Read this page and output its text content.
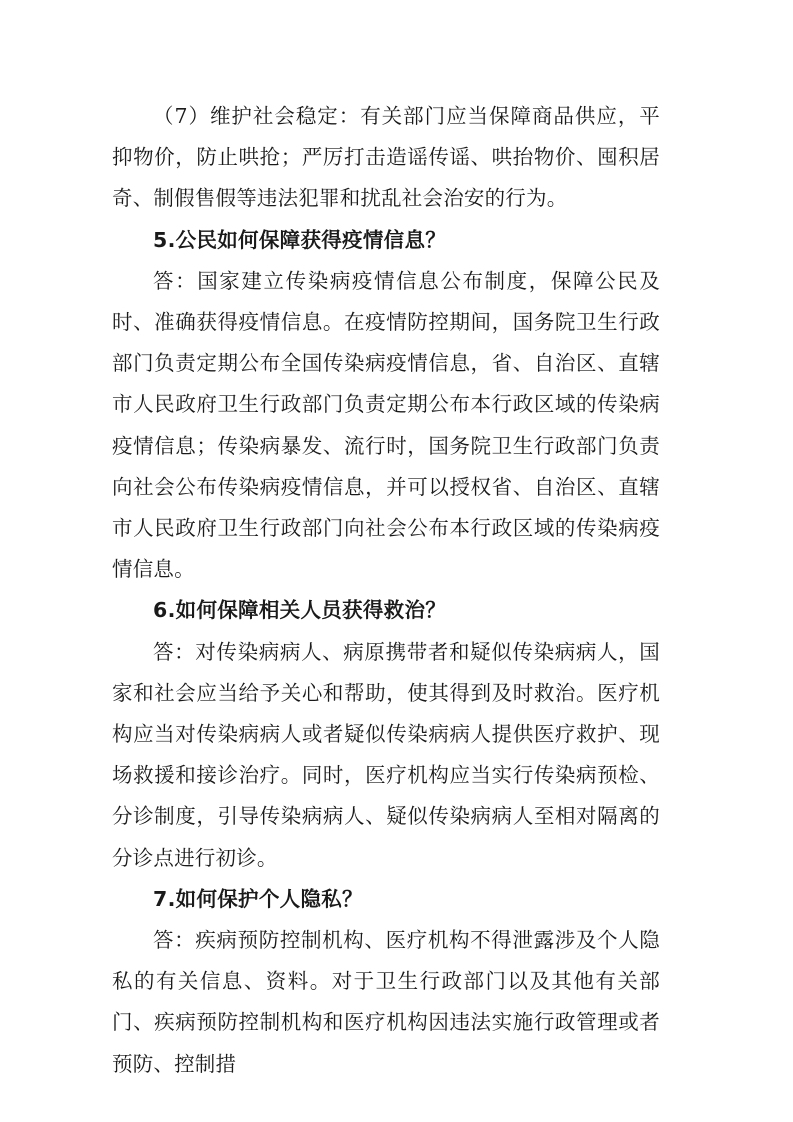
（7）维护社会稳定：有关部门应当保障商品供应，平抑物价，防止哄抢；严厉打击造谣传谣、哄抬物价、囤积居奇、制假售假等违法犯罪和扰乱社会治安的行为。

5.公民如何保障获得疫情信息？

答：国家建立传染病疫情信息公布制度，保障公民及时、准确获得疫情信息。在疫情防控期间，国务院卫生行政部门负责定期公布全国传染病疫情信息，省、自治区、直辖市人民政府卫生行政部门负责定期公布本行政区域的传染病疫情信息；传染病暴发、流行时，国务院卫生行政部门负责向社会公布传染病疫情信息，并可以授权省、自治区、直辖市人民政府卫生行政部门向社会公布本行政区域的传染病疫情信息。

6.如何保障相关人员获得救治？

答：对传染病病人、病原携带者和疑似传染病病人，国家和社会应当给予关心和帮助，使其得到及时救治。医疗机构应当对传染病病人或者疑似传染病病人提供医疗救护、现场救援和接诊治疗。同时，医疗机构应当实行传染病预检、分诊制度，引导传染病病人、疑似传染病病人至相对隔离的分诊点进行初诊。

7.如何保护个人隐私？

答：疾病预防控制机构、医疗机构不得泄露涉及个人隐私的有关信息、资料。对于卫生行政部门以及其他有关部门、疾病预防控制机构和医疗机构因违法实施行政管理或者预防、控制措
